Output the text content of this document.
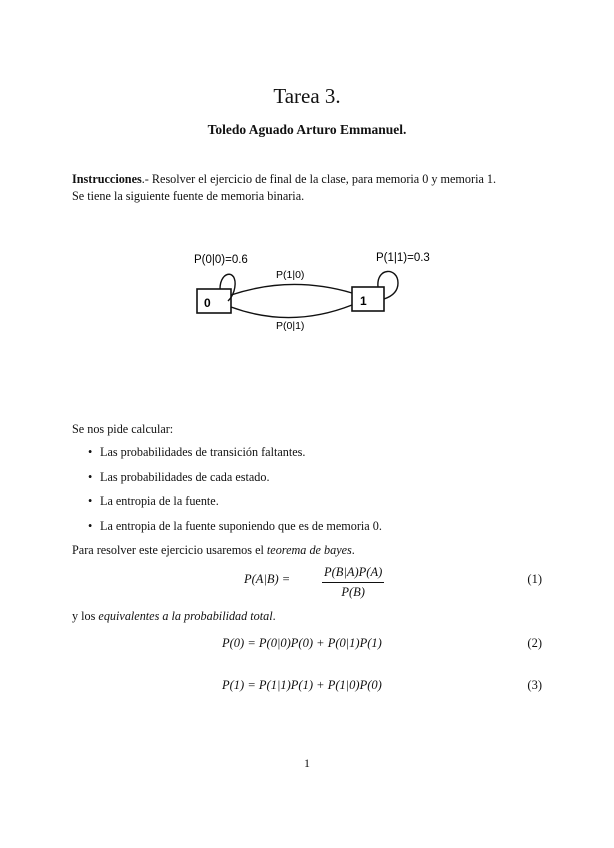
Tarea 3.
Toledo Aguado Arturo Emmanuel.
Instrucciones.- Resolver el ejercicio de final de la clase, para memoria 0 y memoria 1.
Se tiene la siguiente fuente de memoria binaria.
0	1
P(0|0)=0.6	P(1|1)=0.3
P(1|0)
P(0|1)
Se nos pide calcular:
• Las probabilidades de transición faltantes.
• Las probabilidades de cada estado.
• La entropia de la fuente.
• La entropia de la fuente suponiendo que es de memoria 0.
Para resolver este ejercicio usaremos el teorema de bayes.
P(A|B) =	$\frac{P(B|A)P(A)}{P(B)}$	(1)
y los equivalentes a la probabilidad total.
P(0) = P(0|0)P(0) + P(0|1)P(1)	(2)
P(1) = P(1|1)P(1) + P(1|0)P(0)	(3)
1
